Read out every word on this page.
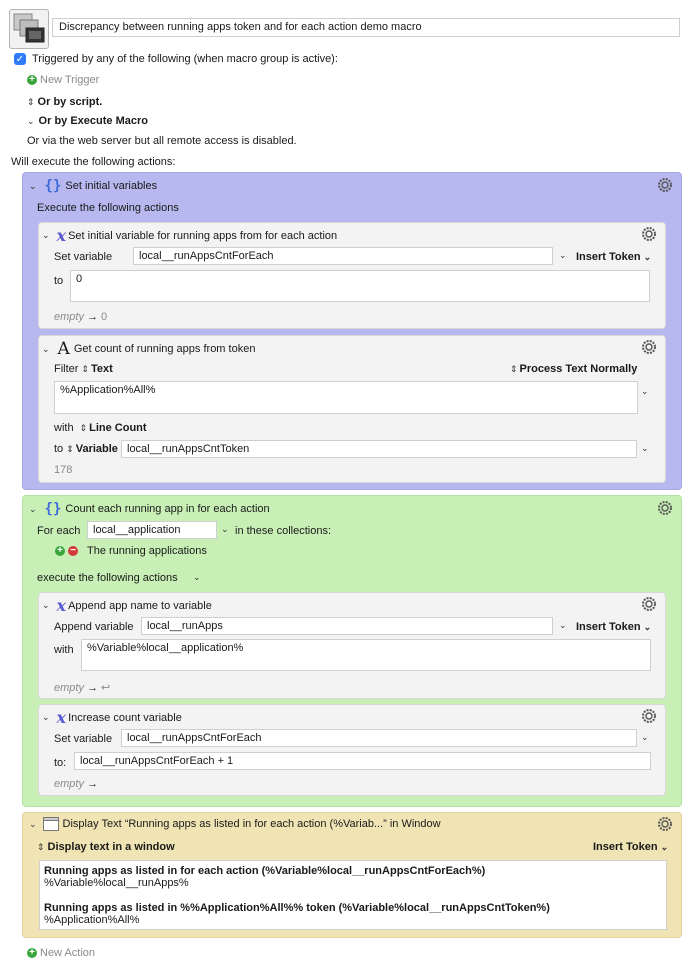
Discrepancy between running apps token and for each action demo macro
✓ Triggered by any of the following (when macro group is active):
+ New Trigger
⇕ Or by script.
⌄ Or by Execute Macro
Or via the web server but all remote access is disabled.
Will execute the following actions:
⌄ {} Set initial variables
Execute the following actions
⌄ x Set initial variable for running apps from for each action
Set variable	local__runAppsCntForEach	⌄ Insert Token ⌄
to	0
empty → 0
⌄ A Get count of running apps from token
Filter ⇕ Text	⇕ Process Text Normally
%Application%All%	⌄
with ⇕ Line Count
to ⇕ Variable local__runAppsCntToken	⌄
178
⌄ {} Count each running app in for each action
For each	local__application	⌄ in these collections:
+ − The running applications
execute the following actions ⌄
⌄ x Append app name to variable
Append variable	local__runApps	⌄ Insert Token ⌄
with	%Variable%local__application%
empty → ↩
⌄ x Increase count variable
Set variable	local__runAppsCntForEach	⌄
to:	local__runAppsCntForEach + 1
empty →
⌄ Display Text “Running apps as listed in for each action (%Variab...” in Window
⇕ Display text in a window	Insert Token ⌄
Running apps as listed in for each action (%Variable%local__runAppsCntForEach%)
%Variable%local__runApps%
Running apps as listed in %%Application%All%% token (%Variable%local__runAppsCntToken%)
%Application%All%
+ New Action
